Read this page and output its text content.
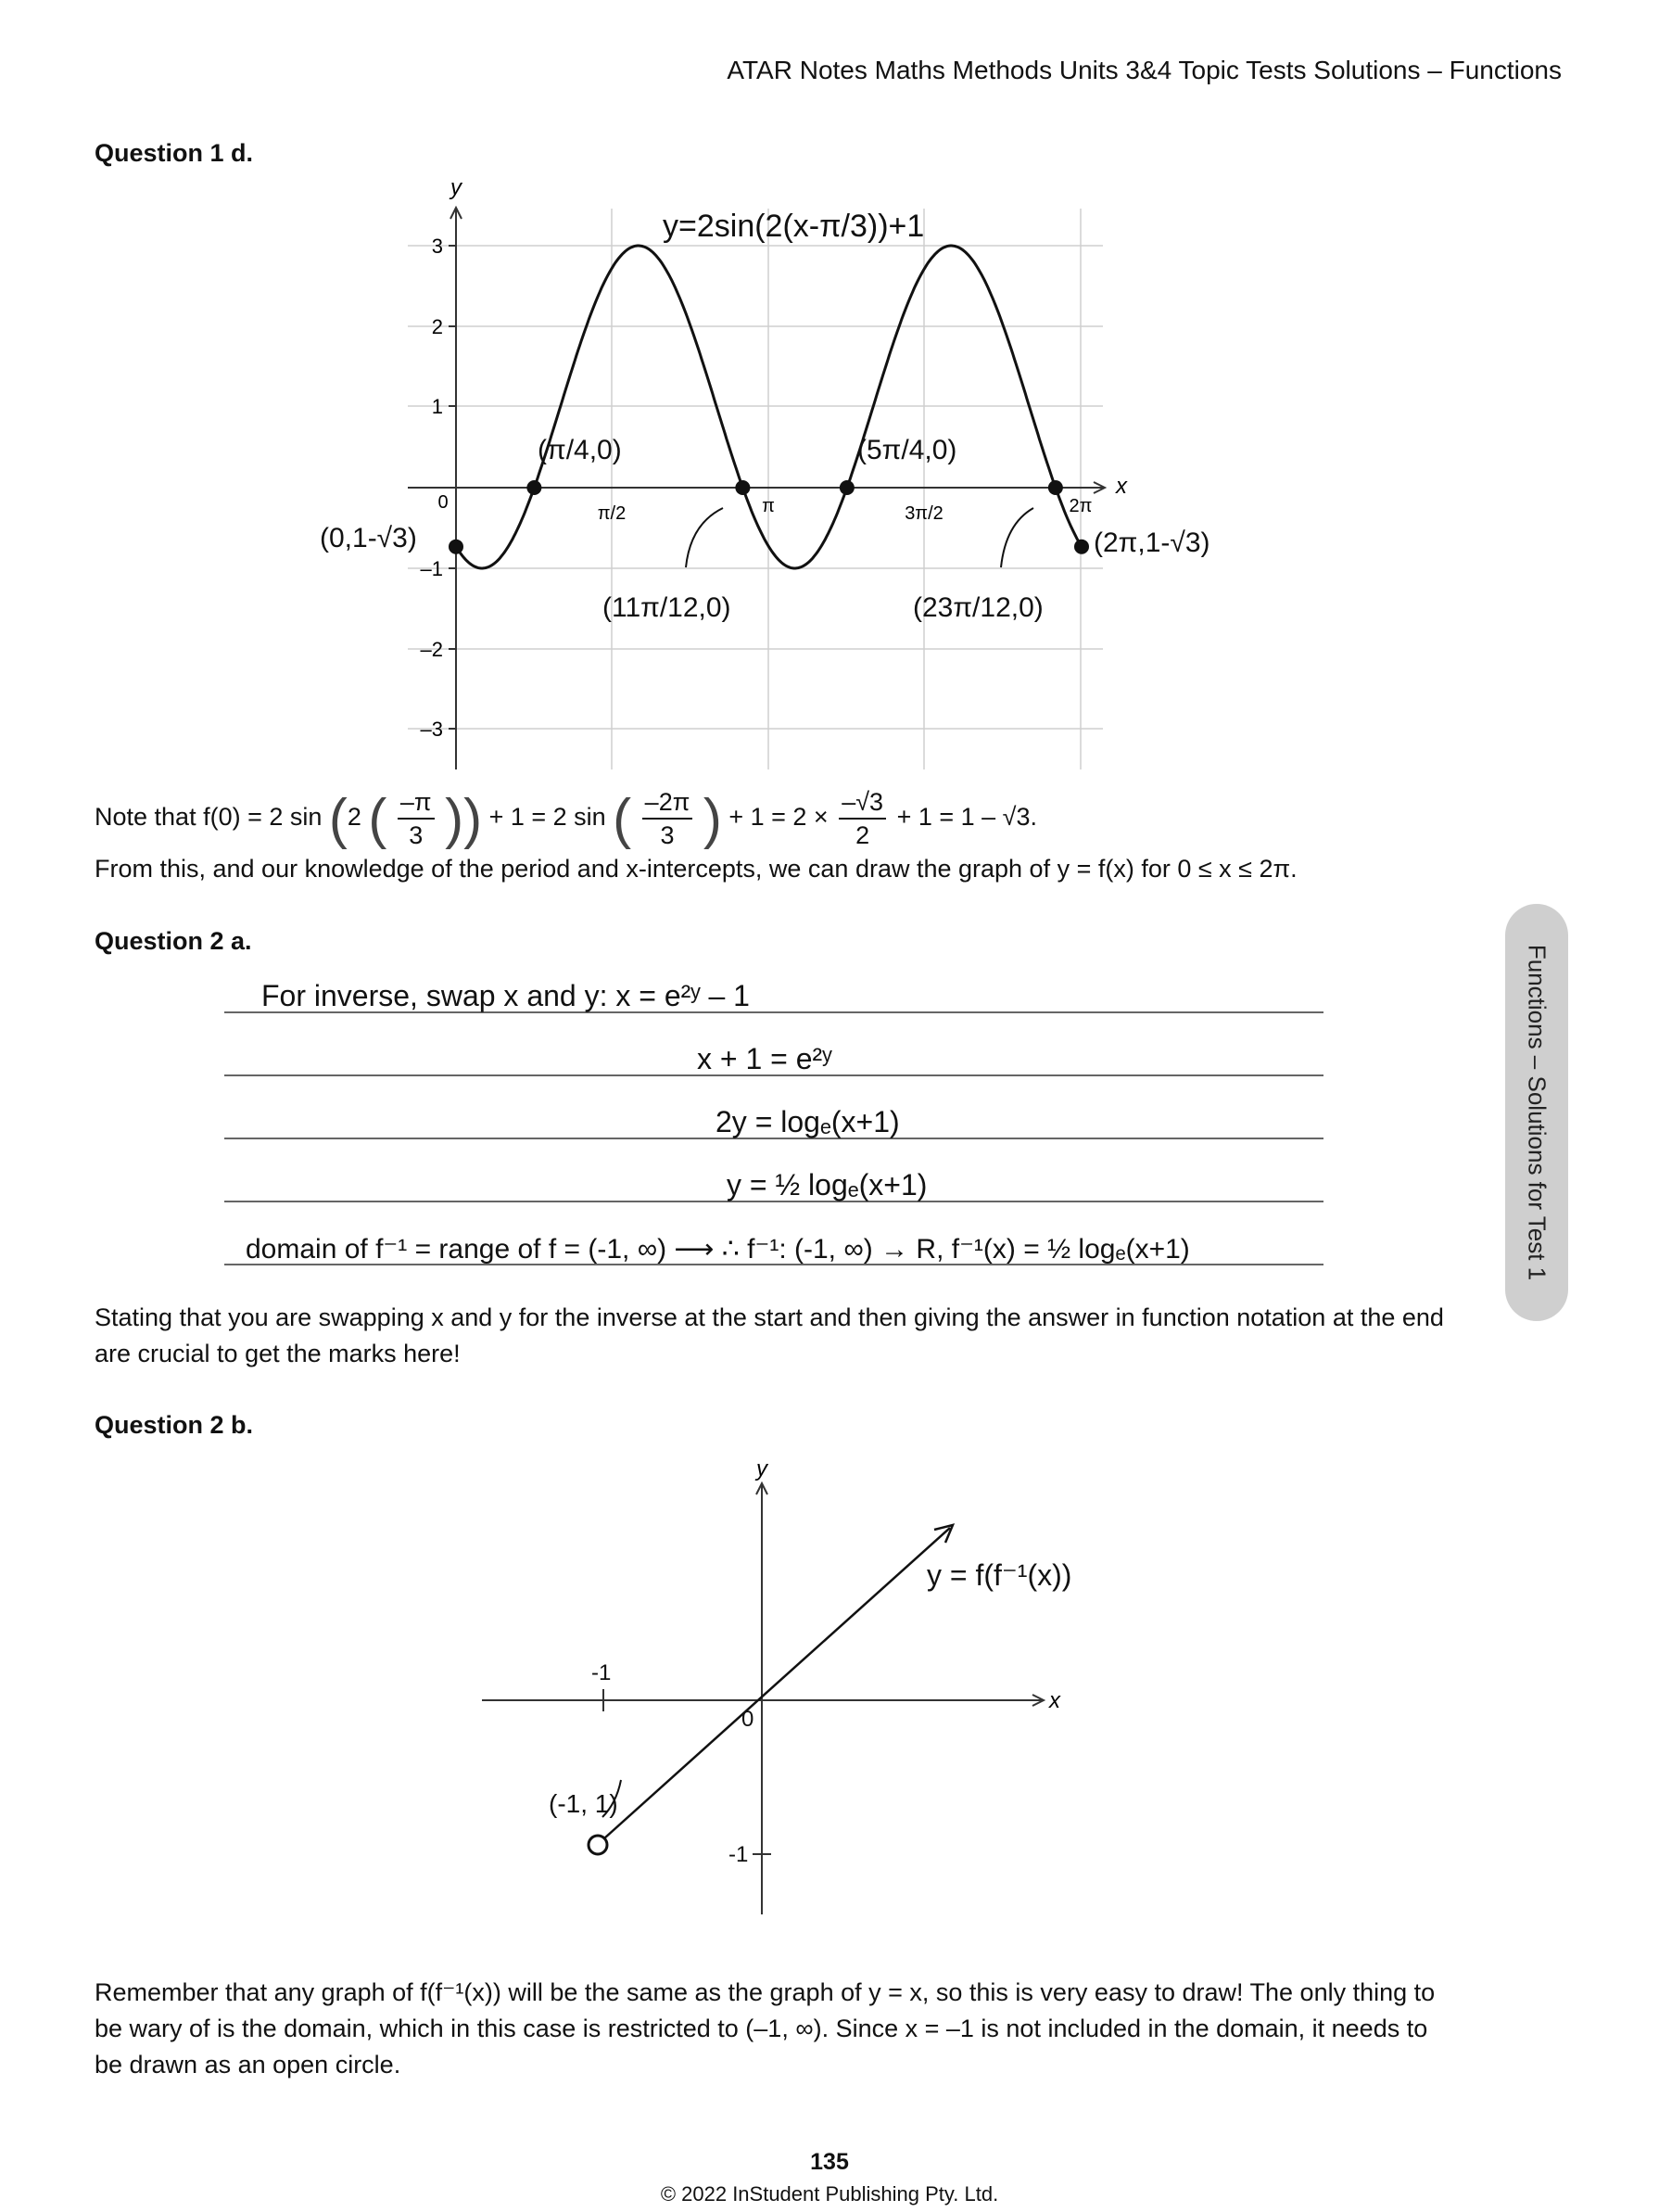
ATAR Notes Maths Methods Units 3&4 Topic Tests Solutions – Functions
Question 1 d.
y
x
0
3
2
1
–1
–2
–3
π/2	π	3π/2	2π
y=2sin(2(x-π/3))+1
(0,1-√3)
(π/4,0)
(11π/12,0)
(5π/4,0)
(23π/12,0)
(2π,1-√3)
Note that f(0) = 2 sin (2 ( $\frac{-\pi}{3}$ )) + 1 = 2 sin ( $\frac{-2\pi}{3}$ ) + $1 = 2 \times \frac{-√3}{2} + 1 = 1 - √3$.
From this, and our knowledge of the period and x-intercepts, we can draw the graph of y = f(x) for 0 ≤ x ≤ 2π.
Question 2 a.
For inverse, swap x and y: x = e²ʸ – 1
x + 1 = e²ʸ
2y = logₑ(x+1)
y = ½ logₑ(x+1)
domain of f⁻¹ = range of f = (-1, ∞) ⟶ ∴ f⁻¹: (-1, ∞) → R, f⁻¹(x) = ½ logₑ(x+1)
Stating that you are swapping x and y for the inverse at the start and then giving the answer in function notation at the end are crucial to get the marks here!
Question 2 b.
y
x
0
-1
-1
(-1, 1)
y = f(f⁻¹(x))
Remember that any graph of f(f⁻¹(x)) will be the same as the graph of y = x, so this is very easy to draw! The only thing to be wary of is the domain, which in this case is restricted to (–1, ∞). Since x = –1 is not included in the domain, it needs to be drawn as an open circle.
Functions – Solutions for Test 1
135
© 2022 InStudent Publishing Pty. Ltd.
